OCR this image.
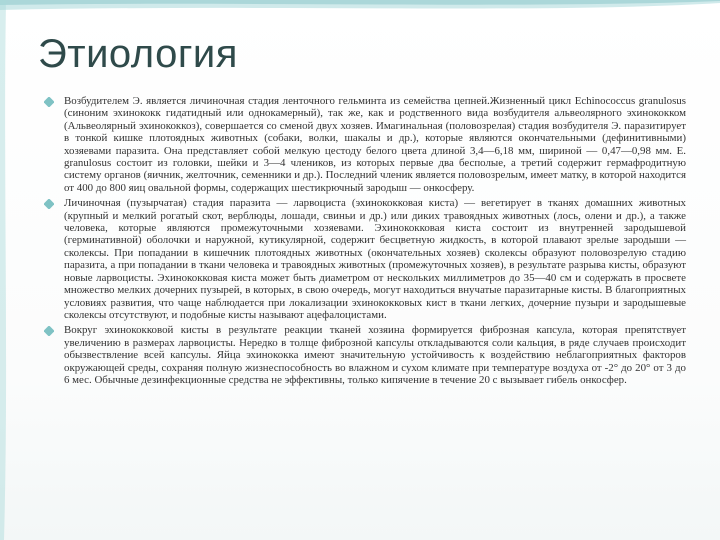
Этиология
Возбудителем Э. является личиночная стадия ленточного гельминта из семейства цепней.Жизненный цикл Echinococcus granulosus (синоним эхинококк гидатидный или однокамерный), так же, как и родственного вида возбудителя альвеолярного эхинококком (Альвеолярный эхинококкоз), совершается со сменой двух хозяев. Имагинальная (половозрелая) стадия возбудителя Э. паразитирует в тонкой кишке плотоядных животных (собаки, волки, шакалы и др.), которые являются окончательными (дефинитивными) хозяевами паразита. Она представляет собой мелкую цестоду белого цвета длиной 3,4—6,18 мм, шириной — 0,47—0,98 мм. E. granulosus состоит из головки, шейки и 3—4 члеников, из которых первые два бесполые, а третий содержит гермафродитную систему органов (яичник, желточник, семенники и др.). Последний членик является половозрелым, имеет матку, в которой находится от 400 до 800 яиц овальной формы, содержащих шестикрючный зародыш — онкосферу.
Личиночная (пузырчатая) стадия паразита — ларвоциста (эхинококковая киста) — вегетирует в тканях домашних животных (крупный и мелкий рогатый скот, верблюды, лошади, свиньи и др.) или диких травоядных животных (лось, олени и др.), а также человека, которые являются промежуточными хозяевами. Эхинококковая киста состоит из внутренней зародышевой (герминативной) оболочки и наружной, кутикулярной, содержит бесцветную жидкость, в которой плавают зрелые зародыши — сколексы. При попадании в кишечник плотоядных животных (окончательных хозяев) сколексы образуют половозрелую стадию паразита, а при попадании в ткани человека и травоядных животных (промежуточных хозяев), в результате разрыва кисты, образуют новые ларвоцисты. Эхинококковая киста может быть диаметром от нескольких миллиметров до 35—40 см и содержать в просвете множество мелких дочерних пузырей, в которых, в свою очередь, могут находиться внучатые паразитарные кисты. В благоприятных условиях развития, что чаще наблюдается при локализации эхинококковых кист в ткани легких, дочерние пузыри и зародышевые сколексы отсутствуют, и подобные кисты называют ацефалоцистами.
Вокруг эхинококковой кисты в результате реакции тканей хозяина формируется фиброзная капсула, которая препятствует увеличению в размерах ларвоцисты. Нередко в толще фиброзной капсулы откладываются соли кальция, в ряде случаев происходит обызвествление всей капсулы. Яйца эхинококка имеют значительную устойчивость к воздействию неблагоприятных факторов окружающей среды, сохраняя полную жизнеспособность во влажном и сухом климате при температуре воздуха от -2° до 20° от 3 до 6 мес. Обычные дезинфекционные средства не эффективны, только кипячение в течение 20 с вызывает гибель онкосфер.
